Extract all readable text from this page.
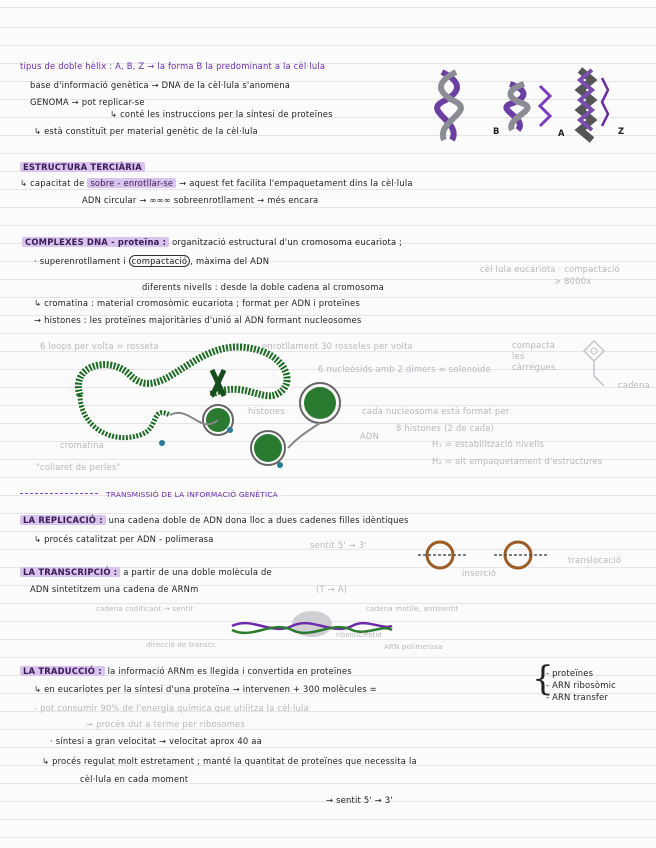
tipus de doble hèlix : A, B, Z → la forma B la predominant a la cèl·lula
base d'informació genètica → DNA de la cèl·lula s'anomena
GENOMA → pot replicar-se
↳ conté les instruccions per la síntesi de proteïnes
↳ està constituït per material genètic de la cèl·lula	B	A	Z
ESTRUCTURA TERCIÀRIA
↳ capacitat de sobre - enrotllar-se → aquest fet facilita l'empaquetament dins la cèl·lula
ADN circular → ∞∞∞ sobreenrotllament → més encara
COMPLEXES DNA - proteïna : organització estructural d'un cromosoma eucariota ;
· superenrotllament i compactació , màxima del ADN
cèl·lula eucariota · compactació
> 8000x
diferents nivells : desde la doble cadena al cromosoma
↳ cromatina : material cromosòmic eucariota ; format per ADN i proteïnes
→ histones : les proteïnes majoritàries d'unió al ADN formant nucleosomes
6 loops per volta = rosseta	enrotllament 30 rosseles per volta
6 nucleòsids amb 2 dimers = solenoide
histones
cromatina
"collaret de perles"
cada nucleosoma està format per
8 histones (2 de cada)
H₁ = estabilització nivells
H₂ = alt empaquetament d'estructures
ADN
compacta les càrregues
cadena
TRANSMISSIÓ DE LA INFORMACIÓ GENÈTICA
LA REPLICACIÓ : una cadena doble de ADN dona lloc a dues cadenes filles idèntiques
↳ procés catalitzat per ADN - polimerasa
sentit 5' → 3'
translocació
inserció
LA TRANSCRIPCIÓ : a partir de una doble molècula de
ADN sintetitzem una cadena de ARNm
cadena codificant → sentit
(T → A)
cadena motlle, antisentit
direcció de transcr.
ribonucleòtid
ARN polimerasa
LA TRADUCCIÓ : la informació ARNm es llegida i convertida en proteïnes
↳ en eucariotes per la síntesi d'una proteïna → intervenen + 300 molècules =	{
- proteïnes
- ARN ribosòmic
- ARN transfer
- pot consumir 90% de l'energia química que utilitza la cèl·lula
→ procés dut a terme per ribosomes
· síntesi a gran velocitat → velocitat aprox 40 aa
↳ procés regulat molt estretament ; manté la quantitat de proteïnes que necessita la
cèl·lula en cada moment
→ sentit 5' → 3'
